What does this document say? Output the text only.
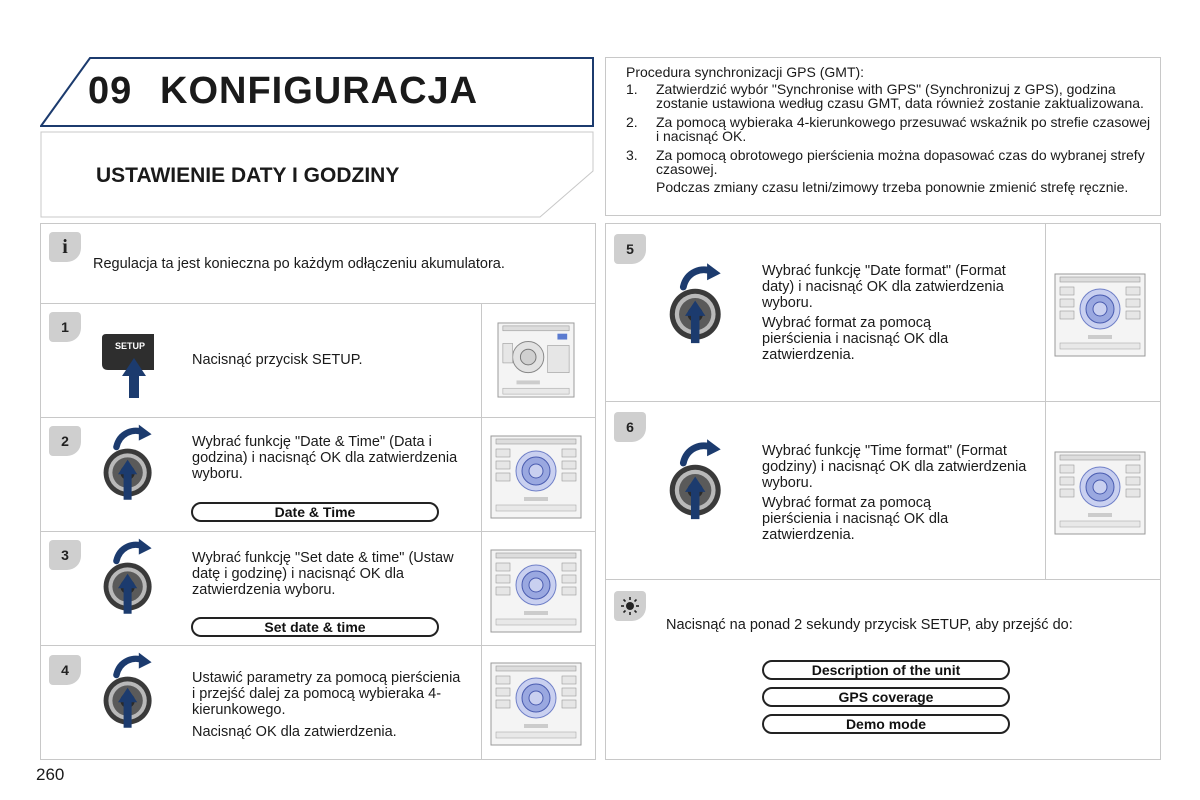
09 KONFIGURACJA
USTAWIENIE DATY I GODZINY
Procedura synchronizacji GPS (GMT):
1.	Zatwierdzić wybór "Synchronise with GPS" (Synchronizuj z GPS), godzina zostanie ustawiona według czasu GMT, data również zostanie zaktualizowana.
2.	Za pomocą wybieraka 4-kierunkowego przesuwać wskaźnik po strefie czasowej i nacisnąć OK.
3.	Za pomocą obrotowego pierścienia można dopasować czas do wybranej strefy czasowej.
Podczas zmiany czasu letni/zimowy trzeba ponownie zmienić strefę ręcznie.
i
Regulacja ta jest konieczna po każdym odłączeniu akumulatora.
1
SETUP
Nacisnąć przycisk SETUP.
2	Wybrać funkcję "Date & Time" (Data i godzina) i nacisnąć OK dla zatwierdzenia wyboru.
Date & Time
3	Wybrać funkcję "Set date & time" (Ustaw datę i godzinę) i nacisnąć OK dla zatwierdzenia wyboru.
Set date & time
4	Ustawić parametry za pomocą pierścienia i przejść dalej za pomocą wybieraka 4-kierunkowego.
Nacisnąć OK dla zatwierdzenia.
5
Wybrać funkcję "Date format" (Format daty) i nacisnąć OK dla zatwierdzenia wyboru.
Wybrać format za pomocą pierścienia i nacisnąć OK dla zatwierdzenia.
6
Wybrać funkcję "Time format" (Format godziny) i nacisnąć OK dla zatwierdzenia wyboru.
Wybrać format za pomocą pierścienia i nacisnąć OK dla zatwierdzenia.
Nacisnąć na ponad 2 sekundy przycisk SETUP, aby przejść do:
Description of the unit
GPS coverage
Demo mode
260
